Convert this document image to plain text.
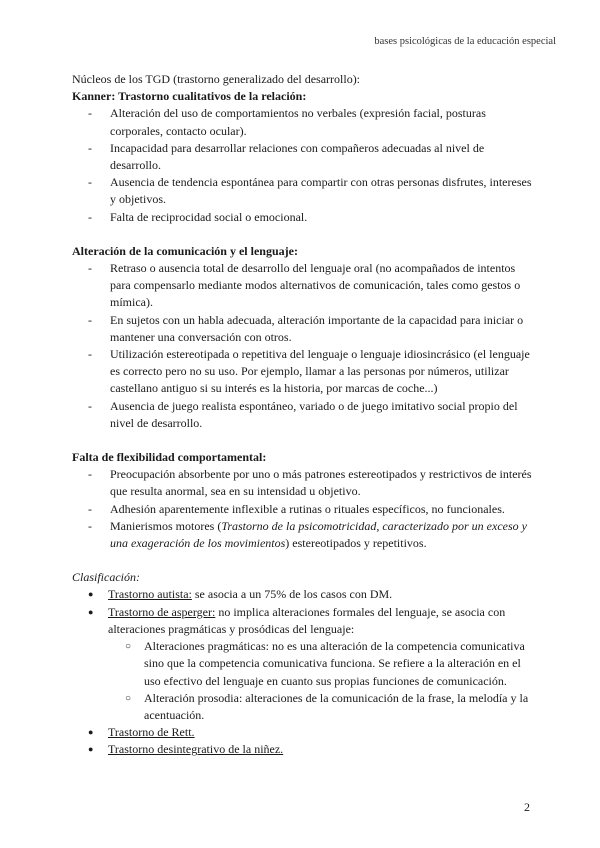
bases psicológicas de la educación especial

Núcleos de los TGD (trastorno generalizado del desarrollo):

Kanner: Trastorno cualitativos de la relación:

- Alteración del uso de comportamientos no verbales (expresión facial, posturas corporales, contacto ocular).
- Incapacidad para desarrollar relaciones con compañeros adecuadas al nivel de desarrollo.
- Ausencia de tendencia espontánea para compartir con otras personas disfrutes, intereses y objetivos.
- Falta de reciprocidad social o emocional.

Alteración de la comunicación y el lenguaje:

- Retraso o ausencia total de desarrollo del lenguaje oral (no acompañados de intentos para compensarlo mediante modos alternativos de comunicación, tales como gestos o mímica).
- En sujetos con un habla adecuada, alteración importante de la capacidad para iniciar o mantener una conversación con otros.
- Utilización estereotipada o repetitiva del lenguaje o lenguaje idiosincrásico (el lenguaje es correcto pero no su uso. Por ejemplo, llamar a las personas por números, utilizar castellano antiguo si su interés es la historia, por marcas de coche...)
- Ausencia de juego realista espontáneo, variado o de juego imitativo social propio del nivel de desarrollo.

Falta de flexibilidad comportamental:

- Preocupación absorbente por uno o más patrones estereotipados y restrictivos de interés que resulta anormal, sea en su intensidad u objetivo.
- Adhesión aparentemente inflexible a rutinas o rituales específicos, no funcionales.
- Manierismos motores (Trastorno de la psicomotricidad, caracterizado por un exceso y una exageración de los movimientos) estereotipados y repetitivos.

Clasificación:

● Trastorno autista: se asocia a un 75% de los casos con DM.
● Trastorno de asperger: no implica alteraciones formales del lenguaje, se asocia con alteraciones pragmáticas y prosódicas del lenguaje:
○ Alteraciones pragmáticas: no es una alteración de la competencia comunicativa sino que la competencia comunicativa funciona. Se refiere a la alteración en el uso efectivo del lenguaje en cuanto sus propias funciones de comunicación.
○ Alteración prosodia: alteraciones de la comunicación de la frase, la melodía y la acentuación.
● Trastorno de Rett.
● Trastorno desintegrativo de la niñez.
2
